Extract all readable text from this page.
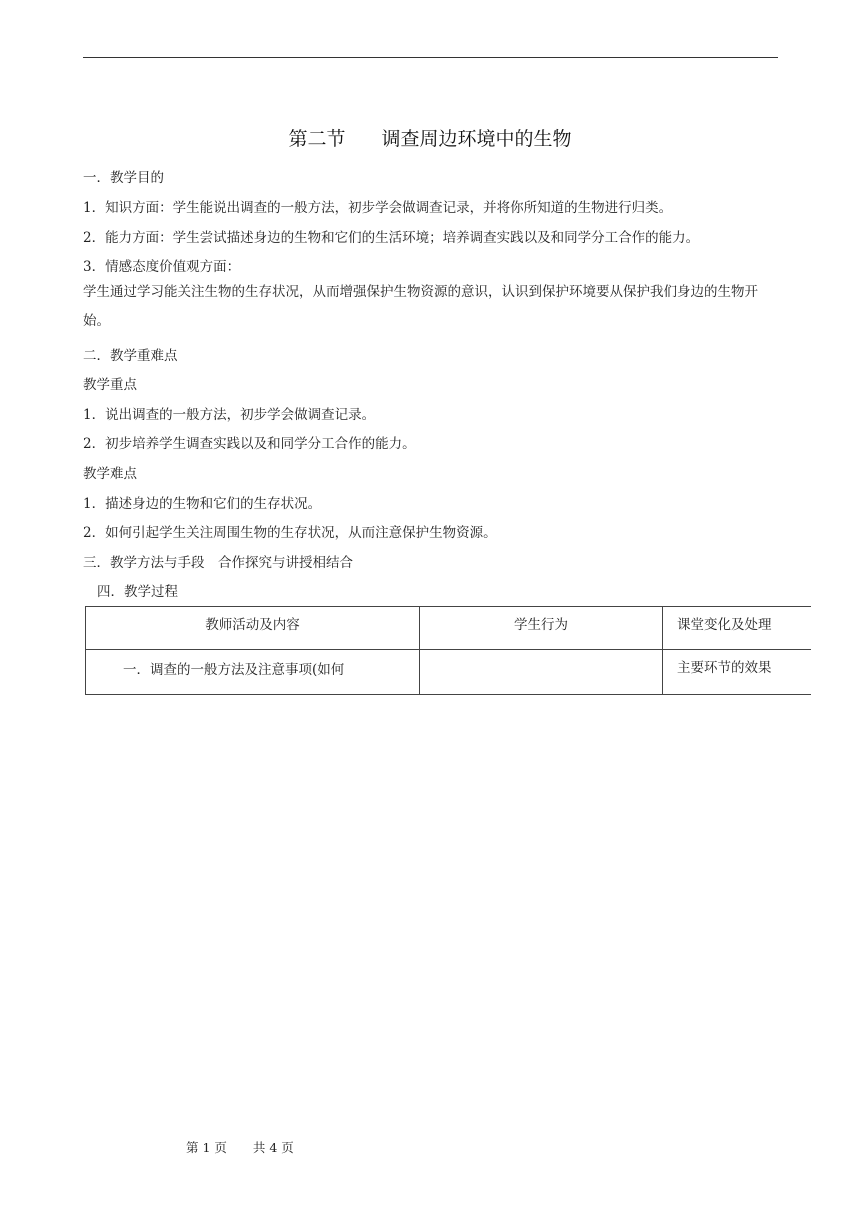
第二节 调查周边环境中的生物
一．教学目的
1．知识方面：学生能说出调查的一般方法，初步学会做调查记录，并将你所知道的生物进行归类。
2．能力方面：学生尝试描述身边的生物和它们的生活环境；培养调查实践以及和同学分工合作的能力。
3．情感态度价值观方面：
学生通过学习能关注生物的生存状况，从而增强保护生物资源的意识，认识到保护环境要从保护我们身边的生物开始。
二．教学重难点
教学重点
1．说出调查的一般方法，初步学会做调查记录。
2．初步培养学生调查实践以及和同学分工合作的能力。
教学难点
1．描述身边的生物和它们的生存状况。
2．如何引起学生关注周围生物的生存状况，从而注意保护生物资源。
三．教学方法与手段　合作探究与讲授相结合
四．教学过程
教师活动及内容	学生行为	课堂变化及处理
一．调查的一般方法及注意事项(如何		主要环节的效果
第 1 页 共 4 页
